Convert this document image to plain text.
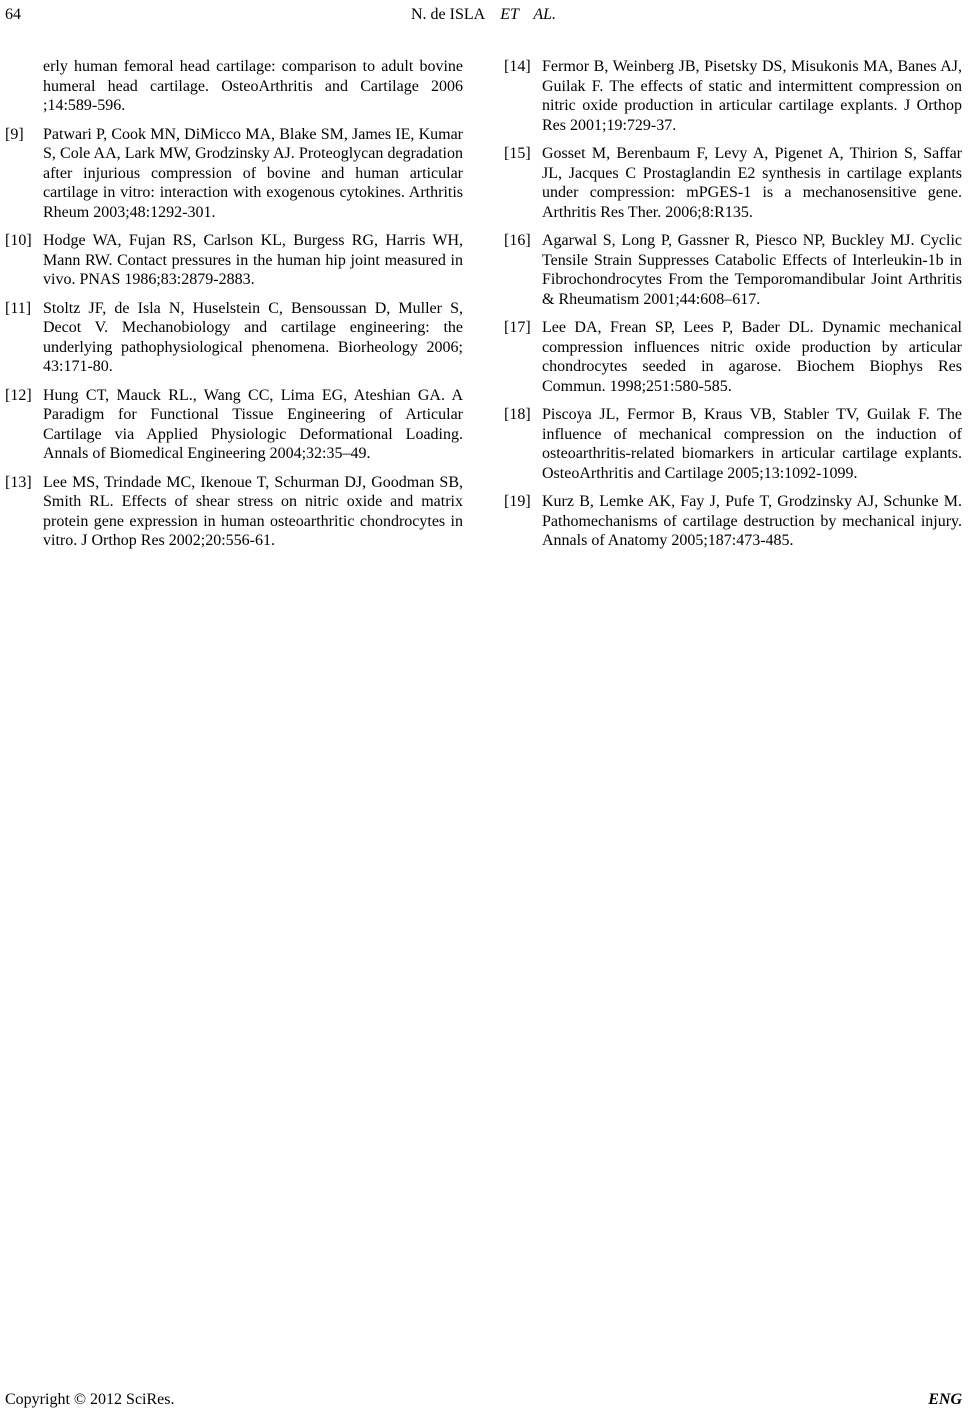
64	N. de ISLA ET AL.
erly human femoral head cartilage: comparison to adult bovine humeral head cartilage. OsteoArthritis and Cartilage 2006 ;14:589-596.
[9]	Patwari P, Cook MN, DiMicco MA, Blake SM, James IE, Kumar S, Cole AA, Lark MW, Grodzinsky AJ. Proteoglycan degradation after injurious compression of bovine and human articular cartilage in vitro: interaction with exogenous cytokines. Arthritis Rheum 2003;48:1292-301.
[10] Hodge WA, Fujan RS, Carlson KL, Burgess RG, Harris WH, Mann RW. Contact pressures in the human hip joint measured in vivo. PNAS 1986;83:2879-2883.
[11] Stoltz JF, de Isla N, Huselstein C, Bensoussan D, Muller S, Decot V. Mechanobiology and cartilage engineering: the underlying pathophysiological phenomena. Biorheology 2006; 43:171-80.
[12] Hung CT, Mauck RL., Wang CC, Lima EG, Ateshian GA. A Paradigm for Functional Tissue Engineering of Articular Cartilage via Applied Physiologic Deformational Loading. Annals of Biomedical Engineering 2004;32:35–49.
[13] Lee MS, Trindade MC, Ikenoue T, Schurman DJ, Goodman SB, Smith RL. Effects of shear stress on nitric oxide and matrix protein gene expression in human osteoarthritic chondrocytes in vitro. J Orthop Res 2002;20:556-61.
[14] Fermor B, Weinberg JB, Pisetsky DS, Misukonis MA, Banes AJ, Guilak F. The effects of static and intermittent compression on nitric oxide production in articular cartilage explants. J Orthop Res 2001;19:729-37.
[15] Gosset M, Berenbaum F, Levy A, Pigenet A, Thirion S, Saffar JL, Jacques C Prostaglandin E2 synthesis in cartilage explants under compression: mPGES-1 is a mechanosensitive gene. Arthritis Res Ther. 2006;8:R135.
[16] Agarwal S, Long P, Gassner R, Piesco NP, Buckley MJ. Cyclic Tensile Strain Suppresses Catabolic Effects of Interleukin-1b in Fibrochondrocytes From the Temporomandibular Joint Arthritis & Rheumatism 2001;44:608–617.
[17] Lee DA, Frean SP, Lees P, Bader DL. Dynamic mechanical compression influences nitric oxide production by articular chondrocytes seeded in agarose. Biochem Biophys Res Commun. 1998;251:580-585.
[18] Piscoya JL, Fermor B, Kraus VB, Stabler TV, Guilak F. The influence of mechanical compression on the induction of osteoarthritis-related biomarkers in articular cartilage explants. OsteoArthritis and Cartilage 2005;13:1092-1099.
[19] Kurz B, Lemke AK, Fay J, Pufe T, Grodzinsky AJ, Schunke M. Pathomechanisms of cartilage destruction by mechanical injury. Annals of Anatomy 2005;187:473-485.
Copyright © 2012 SciRes.	ENG
